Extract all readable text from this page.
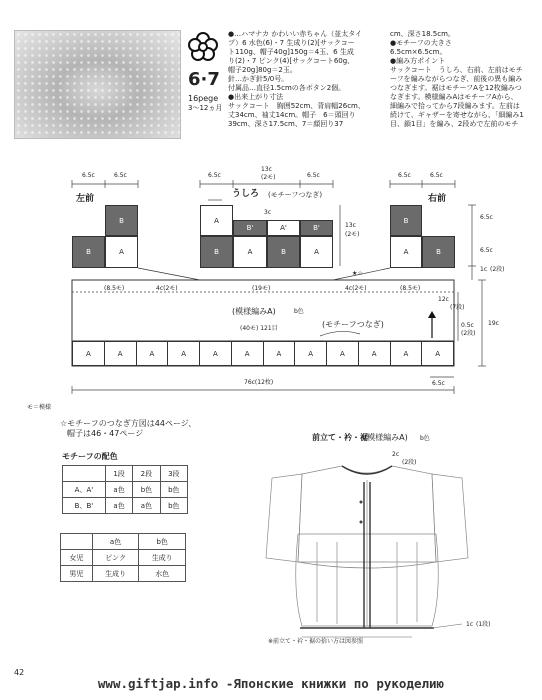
6·7
16pege
3〜12ヵ月
●…ハマナカ かわいい赤ちゃん（並太タイ
プ）6 水色(6)・7 生成り(2)[サックコー
ト110g、帽子40g]150g＝4玉、6 生成
り(2)・7 ピンク(4)[サックコート60g、
帽子20g]80g＝2玉。
針…かぎ針5/0号。
付属品…直径1.5cmの各ボタン2個。
●出来上がり寸法
サックコート　胸囲52cm、背肩幅26cm、
丈34cm、袖丈14cm。帽子　6＝頭回り
39cm、深さ17.5cm、7＝顔回り37
cm、深さ18.5cm。
●モチーフの大きさ
6.5cm×6.5cm。
●編み方ポイント
サックコート　うしろ、右前、左前はモチ
ーフを編みながらつなぎ、前後の異も編み
つなぎます。裾はモチーフAを12枚編みつ
なぎます。模様編みAはモチーフAから、
細編みで拾ってから7段編みます。左前は
続けて、ギャザーを寄せながら、「細編み1
目、鎖1目」を編み、2段めで左前のモチ
6.5c	6.5c	6.5c
13c
(2モ)	6.5c	6.5c	6.5c
左前	うしろ (モチーフつなぎ)	右前
3c
B
B	A
A
B'	A'	B'
B	A	B	A
B
A	B
6.5c
13c
(2モ)
6.5c
1c (2段)
★☆
(8.5モ)	4c(2モ)	(19モ)	4c(2モ)	(8.5モ)
(模様編みA)	b色
(40モ) 121目	(モチーフつなぎ)
12c
(7段)
0.5c
(2段)
19c
6.5c
A	A	A	A	A	A	A	A	A	A	A	A
76c(12枚)
モ＝模様
☆モチーフのつなぎ方図は44ページ、
帽子は46・47ページ
モチーフの配色
	1段	2段	3段
A、A'	a色	b色	b色
B、B'	a色	a色	b色
	a色	b色
女児	ピンク	生成り
男児	生成り	水色
前立て・衿・裾
(模様編みA) b色
2c
(2段)
1c (1段)
※前立て・衿・裾の拾い方は図参照
42
www.giftjap.info -Японские книжки по рукоделию
